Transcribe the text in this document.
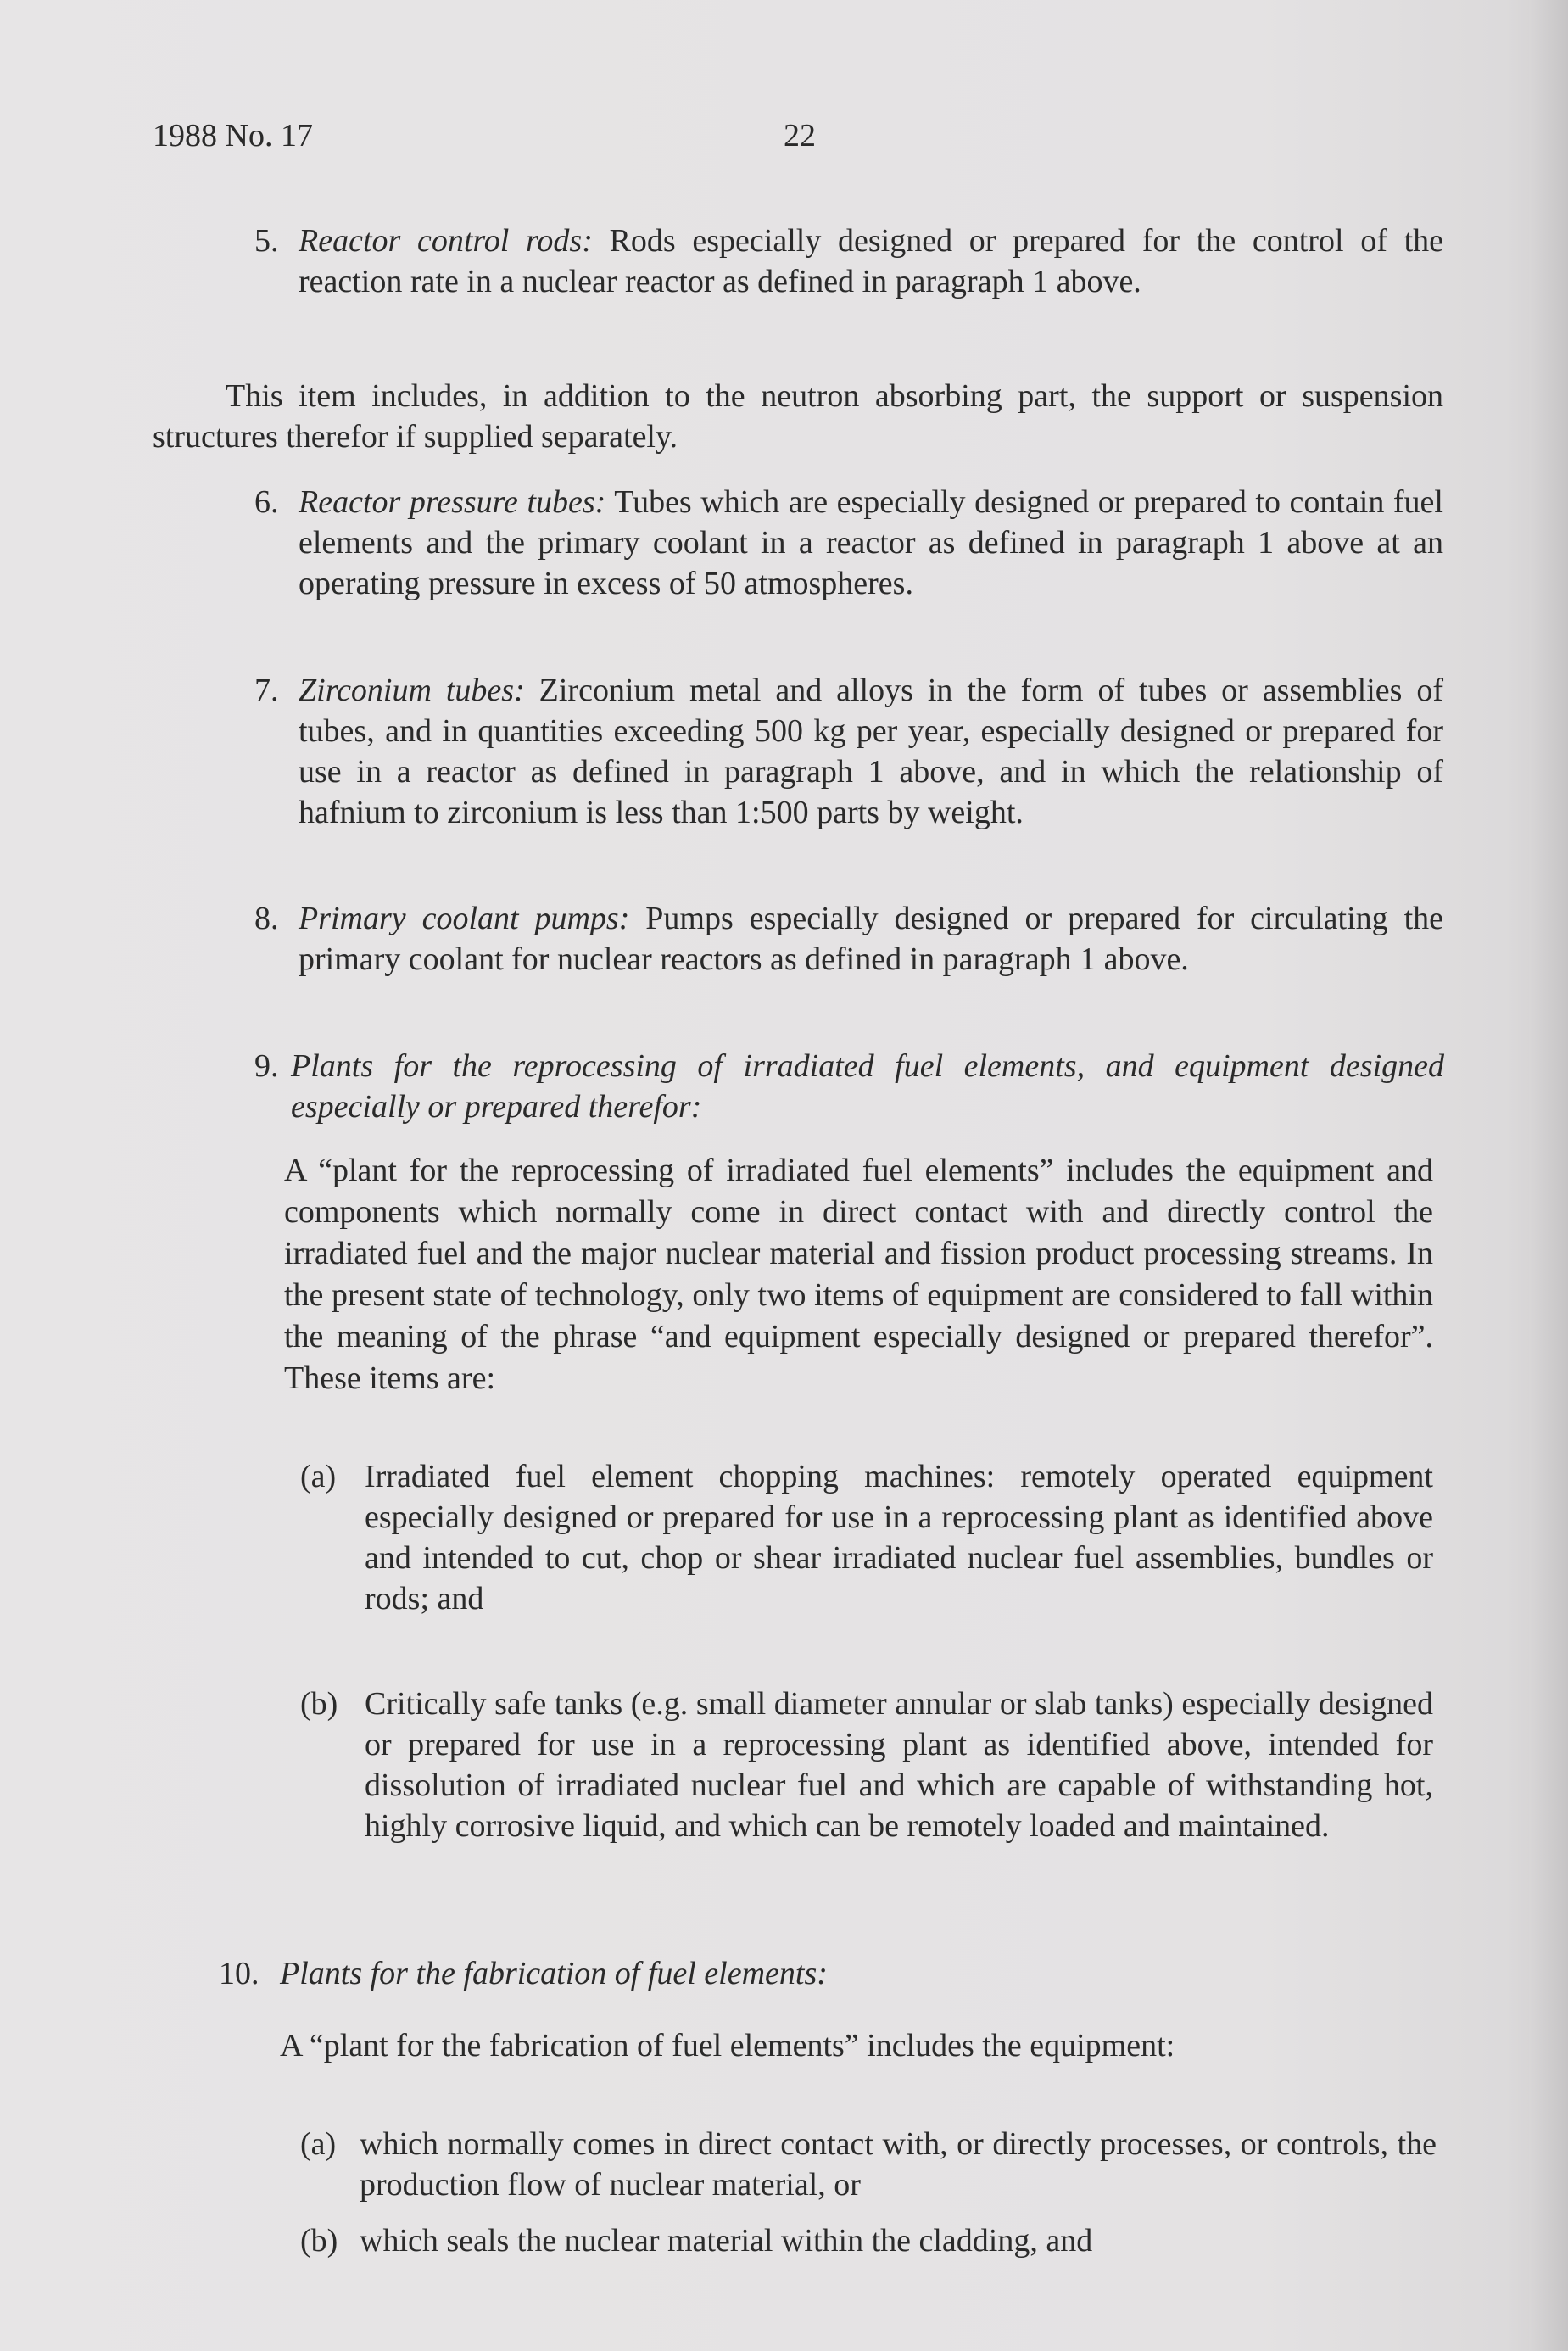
1988 No. 17	22
5. Reactor control rods: Rods especially designed or prepared for the control of the reaction rate in a nuclear reactor as defined in paragraph 1 above.
This item includes, in addition to the neutron absorbing part, the support or suspension structures therefor if supplied separately.
6. Reactor pressure tubes: Tubes which are especially designed or prepared to contain fuel elements and the primary coolant in a reactor as defined in paragraph 1 above at an operating pressure in excess of 50 atmospheres.
7. Zirconium tubes: Zirconium metal and alloys in the form of tubes or assemblies of tubes, and in quantities exceeding 500 kg per year, especially designed or prepared for use in a reactor as defined in paragraph 1 above, and in which the relationship of hafnium to zirconium is less than 1:500 parts by weight.
8. Primary coolant pumps: Pumps especially designed or prepared for circulating the primary coolant for nuclear reactors as defined in paragraph 1 above.
9. Plants for the reprocessing of irradiated fuel elements, and equipment designed especially or prepared therefor:
A “plant for the reprocessing of irradiated fuel elements” includes the equipment and components which normally come in direct contact with and directly control the irradiated fuel and the major nuclear material and fission product processing streams. In the present state of technology, only two items of equipment are considered to fall within the meaning of the phrase “and equipment especially designed or prepared therefor”. These items are:
(a) Irradiated fuel element chopping machines: remotely operated equipment especially designed or prepared for use in a reprocessing plant as identified above and intended to cut, chop or shear irradiated nuclear fuel assemblies, bundles or rods; and
(b) Critically safe tanks (e.g. small diameter annular or slab tanks) especially designed or prepared for use in a reprocessing plant as identified above, intended for dissolution of irradiated nuclear fuel and which are capable of withstanding hot, highly corrosive liquid, and which can be remotely loaded and maintained.
10. Plants for the fabrication of fuel elements:
A “plant for the fabrication of fuel elements” includes the equipment:
(a) which normally comes in direct contact with, or directly processes, or controls, the production flow of nuclear material, or
(b) which seals the nuclear material within the cladding, and
